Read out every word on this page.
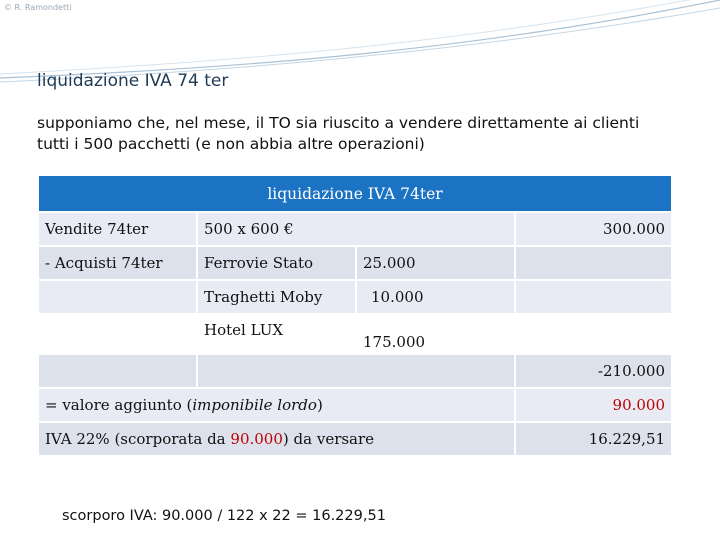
© R. Ramondetti
liquidazione IVA 74 ter
supponiamo che, nel mese, il TO sia riuscito a vendere direttamente ai clienti
tutti i 500 pacchetti (e non abbia altre operazioni)
liquidazione IVA 74ter			
Vendite 74ter	500 x 600 €		300.000
- Acquisti 74ter	Ferrovie Stato	25.000	
	Traghetti Moby	10.000	
	Hotel LUX	175.000	
			-210.000
= valore aggiunto (imponibile lordo)			90.000
IVA 22% (scorporata da 90.000) da versare			16.229,51
scorporo IVA: 90.000 / 122 x 22 = 16.229,51
